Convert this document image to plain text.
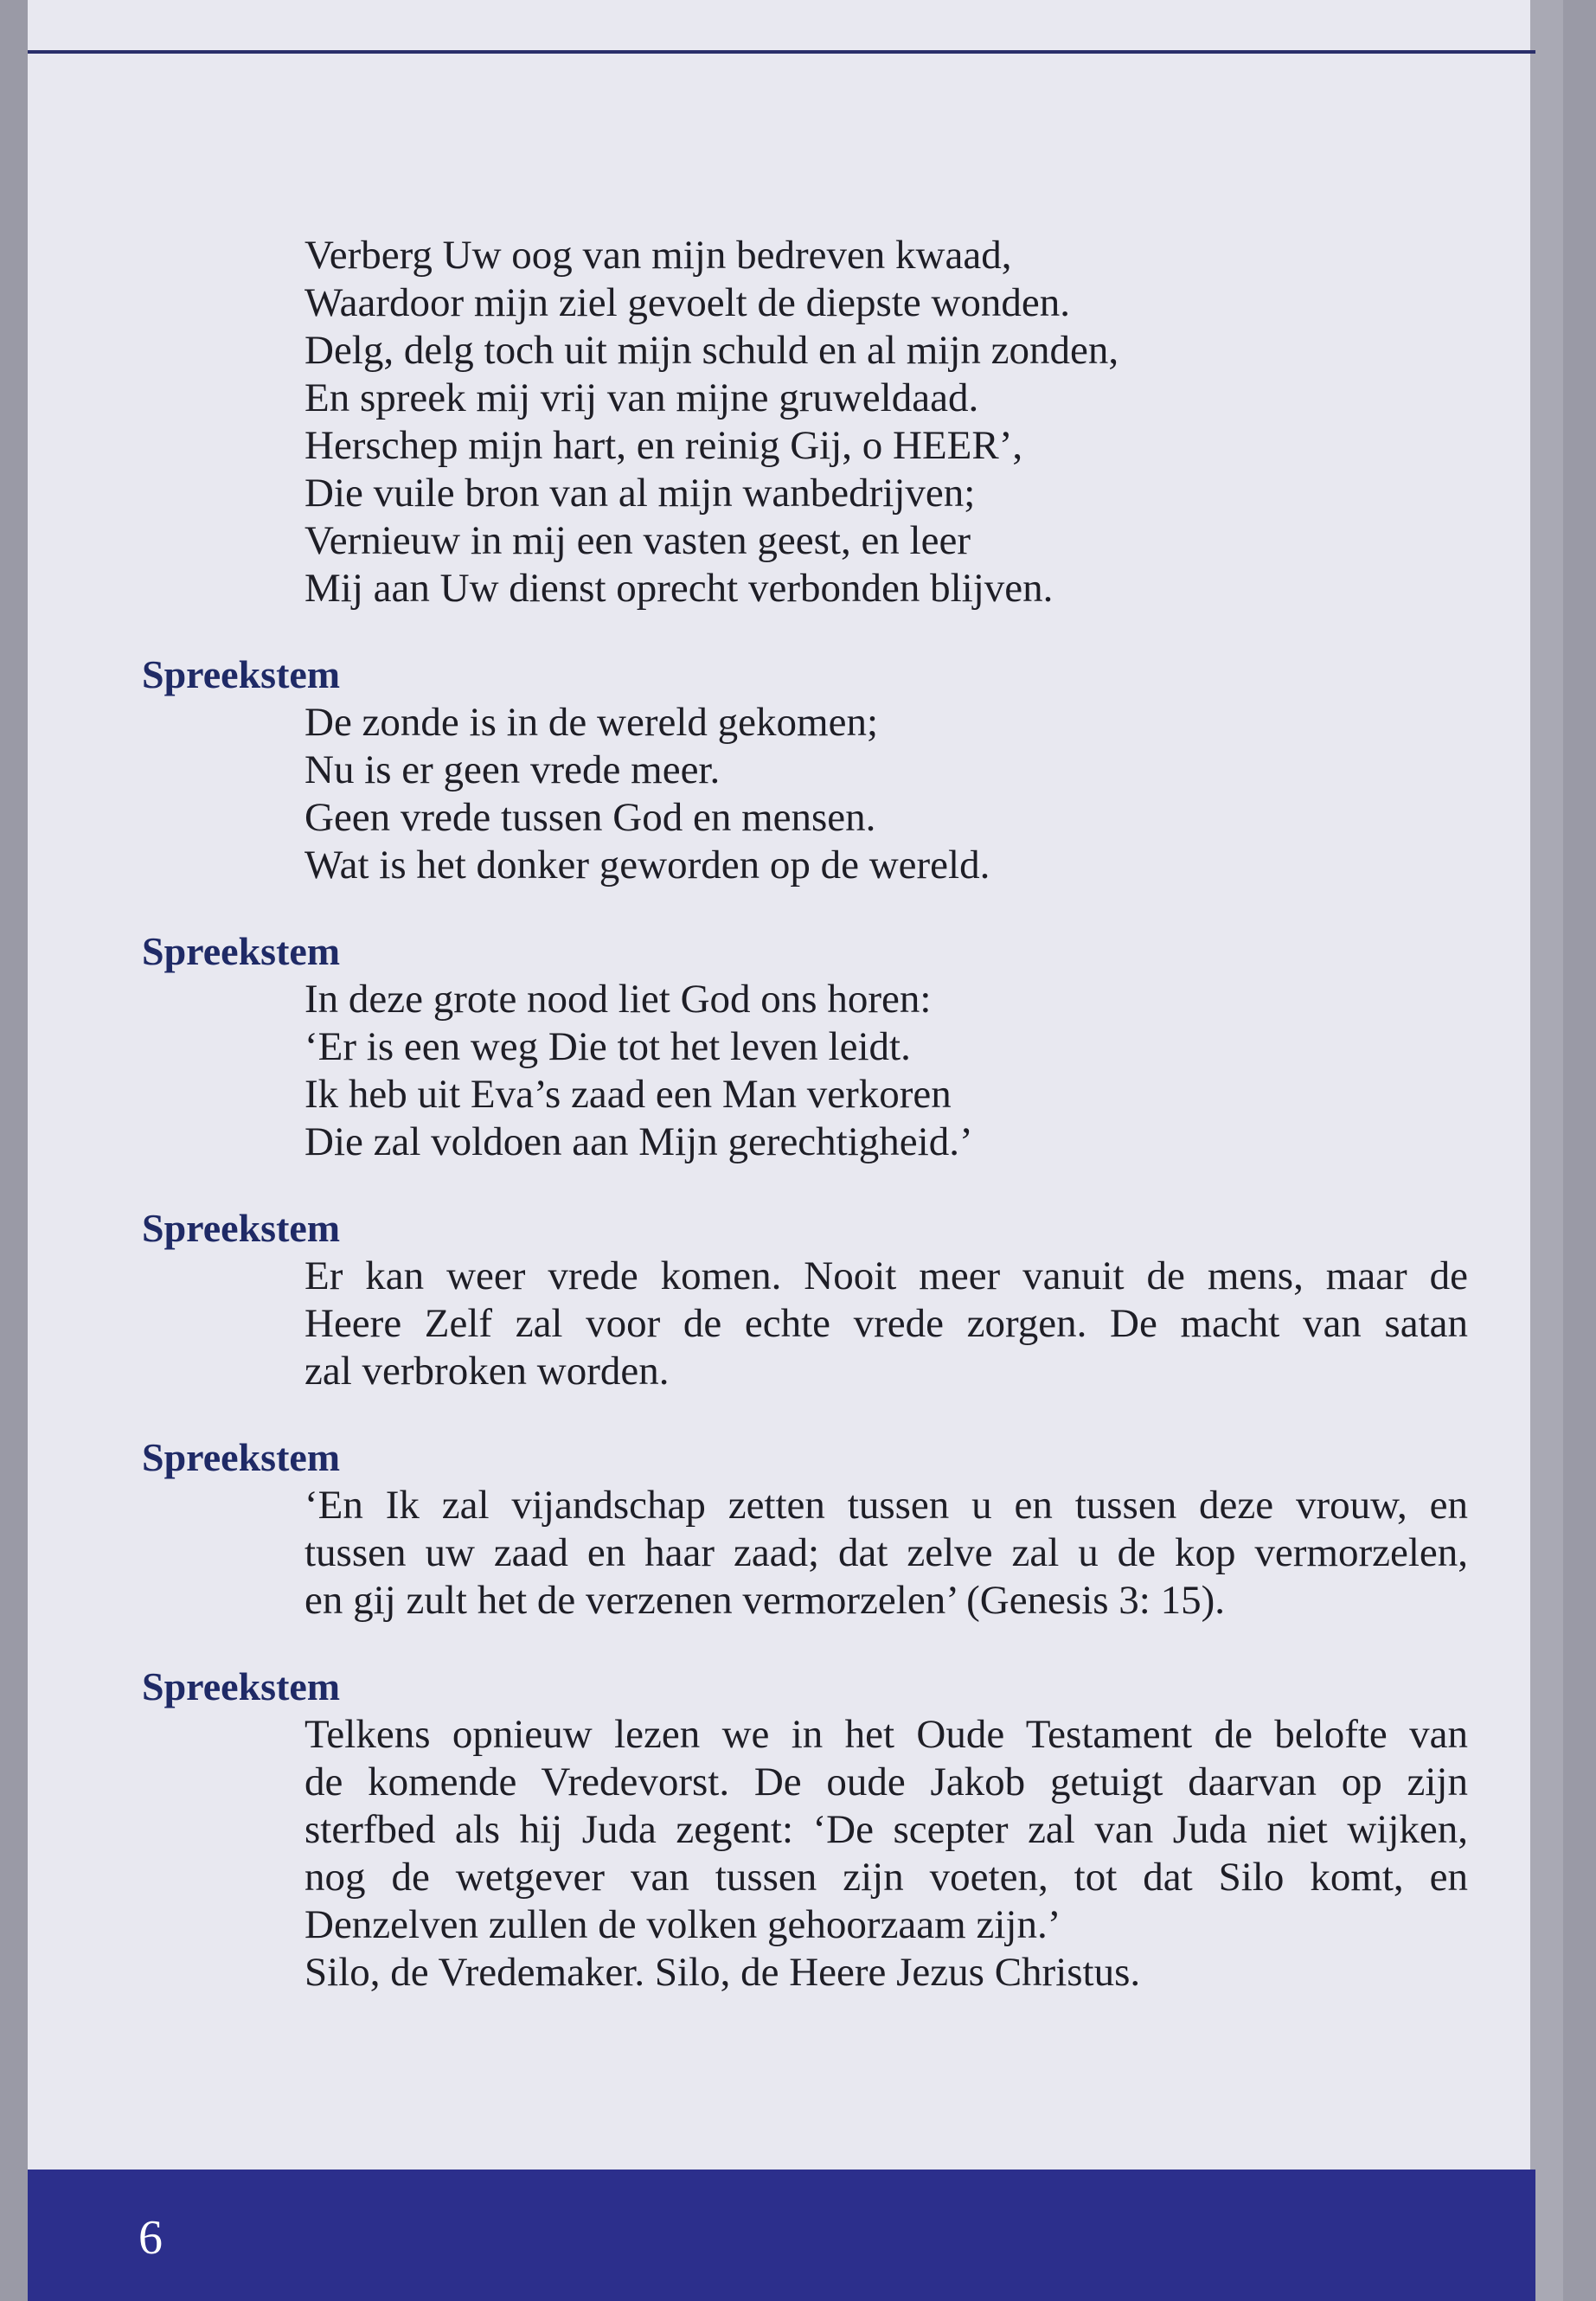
Verberg Uw oog van mijn bedreven kwaad,

Waardoor mijn ziel gevoelt de diepste wonden.

Delg, delg toch uit mijn schuld en al mijn zonden,

En spreek mij vrij van mijne gruweldaad.

Herschep mijn hart, en reinig Gij, o HEER’,

Die vuile bron van al mijn wanbedrijven;

Vernieuw in mij een vasten geest, en leer

Mij aan Uw dienst oprecht verbonden blijven.

Spreekstem

De zonde is in de wereld gekomen;

Nu is er geen vrede meer.

Geen vrede tussen God en mensen.

Wat is het donker geworden op de wereld.

Spreekstem

In deze grote nood liet God ons horen:

‘Er is een weg Die tot het leven leidt.

Ik heb uit Eva’s zaad een Man verkoren

Die zal voldoen aan Mijn gerechtigheid.’

Spreekstem

Er kan weer vrede komen. Nooit meer vanuit de mens, maar de
Heere Zelf zal voor de echte vrede zorgen. De macht van satan
zal verbroken worden.

Spreekstem

‘En Ik zal vijandschap zetten tussen u en tussen deze vrouw, en
tussen uw zaad en haar zaad; dat zelve zal u de kop vermorzelen,
en gij zult het de verzenen vermorzelen’ (Genesis 3: 15).

Spreekstem

Telkens opnieuw lezen we in het Oude Testament de belofte van
de komende Vredevorst. De oude Jakob getuigt daarvan op zijn
sterfbed als hij Juda zegent: ‘De scepter zal van Juda niet wijken,
nog de wetgever van tussen zijn voeten, tot dat Silo komt, en
Denzelven zullen de volken gehoorzaam zijn.’
Silo, de Vredemaker. Silo, de Heere Jezus Christus.
6
